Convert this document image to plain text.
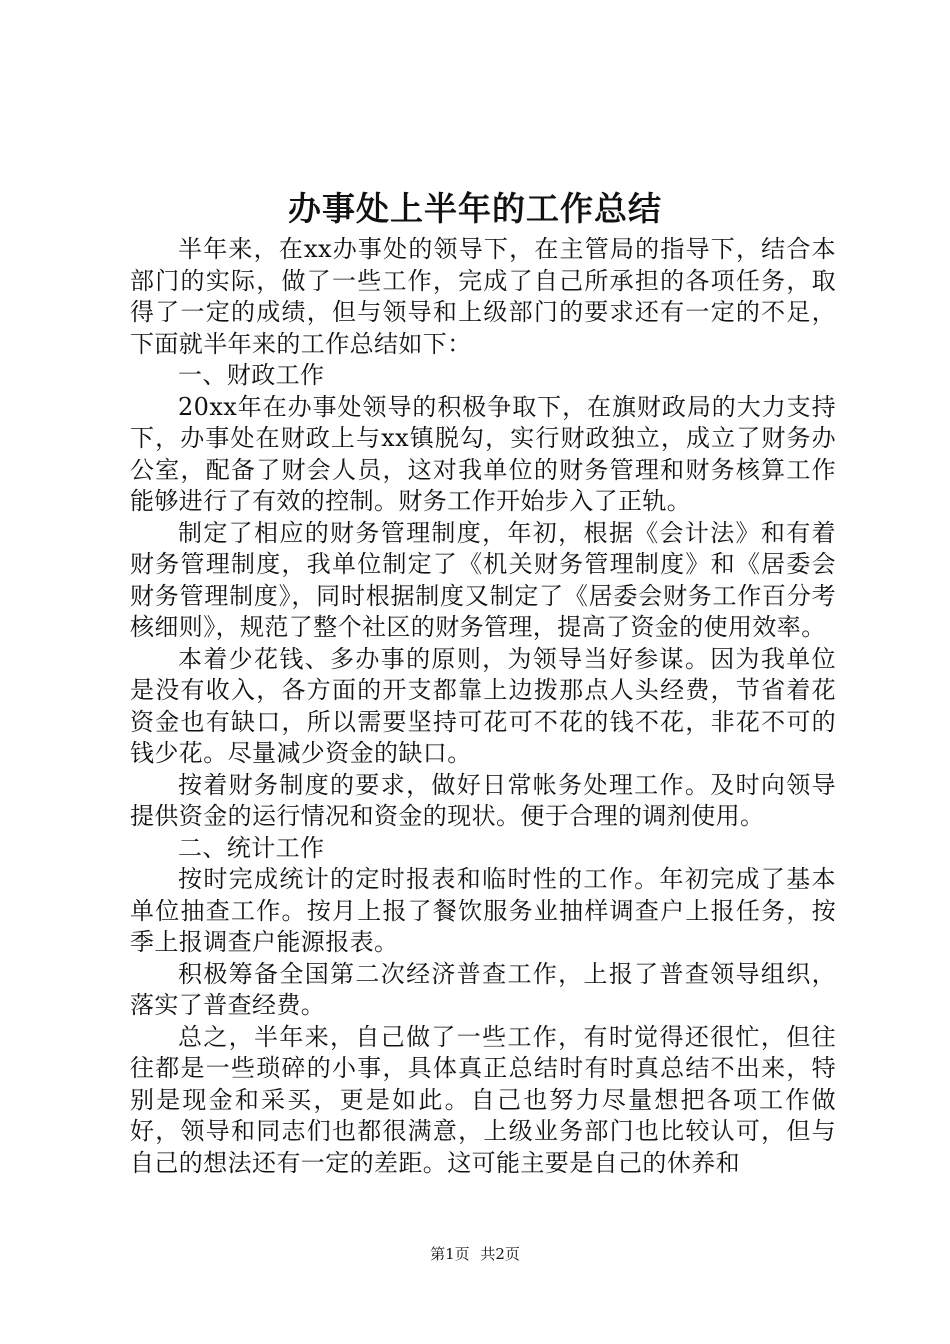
办事处上半年的工作总结

半年来，在xx办事处的领导下，在主管局的指导下，结合本部门的实际，做了一些工作，完成了自己所承担的各项任务，取得了一定的成绩，但与领导和上级部门的要求还有一定的不足，下面就半年来的工作总结如下：

一、财政工作

20xx年在办事处领导的积极争取下，在旗财政局的大力支持下，办事处在财政上与xx镇脱勾，实行财政独立，成立了财务办公室，配备了财会人员，这对我单位的财务管理和财务核算工作能够进行了有效的控制。财务工作开始步入了正轨。

制定了相应的财务管理制度，年初，根据《会计法》和有着财务管理制度，我单位制定了《机关财务管理制度》和《居委会财务管理制度》，同时根据制度又制定了《居委会财务工作百分考核细则》，规范了整个社区的财务管理，提高了资金的使用效率。

本着少花钱、多办事的原则，为领导当好参谋。因为我单位是没有收入，各方面的开支都靠上边拨那点人头经费，节省着花资金也有缺口，所以需要坚持可花可不花的钱不花，非花不可的钱少花。尽量减少资金的缺口。

按着财务制度的要求，做好日常帐务处理工作。及时向领导提供资金的运行情况和资金的现状。便于合理的调剂使用。

二、统计工作

按时完成统计的定时报表和临时性的工作。年初完成了基本单位抽查工作。按月上报了餐饮服务业抽样调查户上报任务，按季上报调查户能源报表。

积极筹备全国第二次经济普查工作，上报了普查领导组织，落实了普查经费。

总之，半年来，自己做了一些工作，有时觉得还很忙，但往往都是一些琐碎的小事，具体真正总结时有时真总结不出来，特别是现金和采买，更是如此。自己也努力尽量想把各项工作做好，领导和同志们也都很满意，上级业务部门也比较认可，但与自己的想法还有一定的差距。这可能主要是自己的休养和

第1页 共2页
